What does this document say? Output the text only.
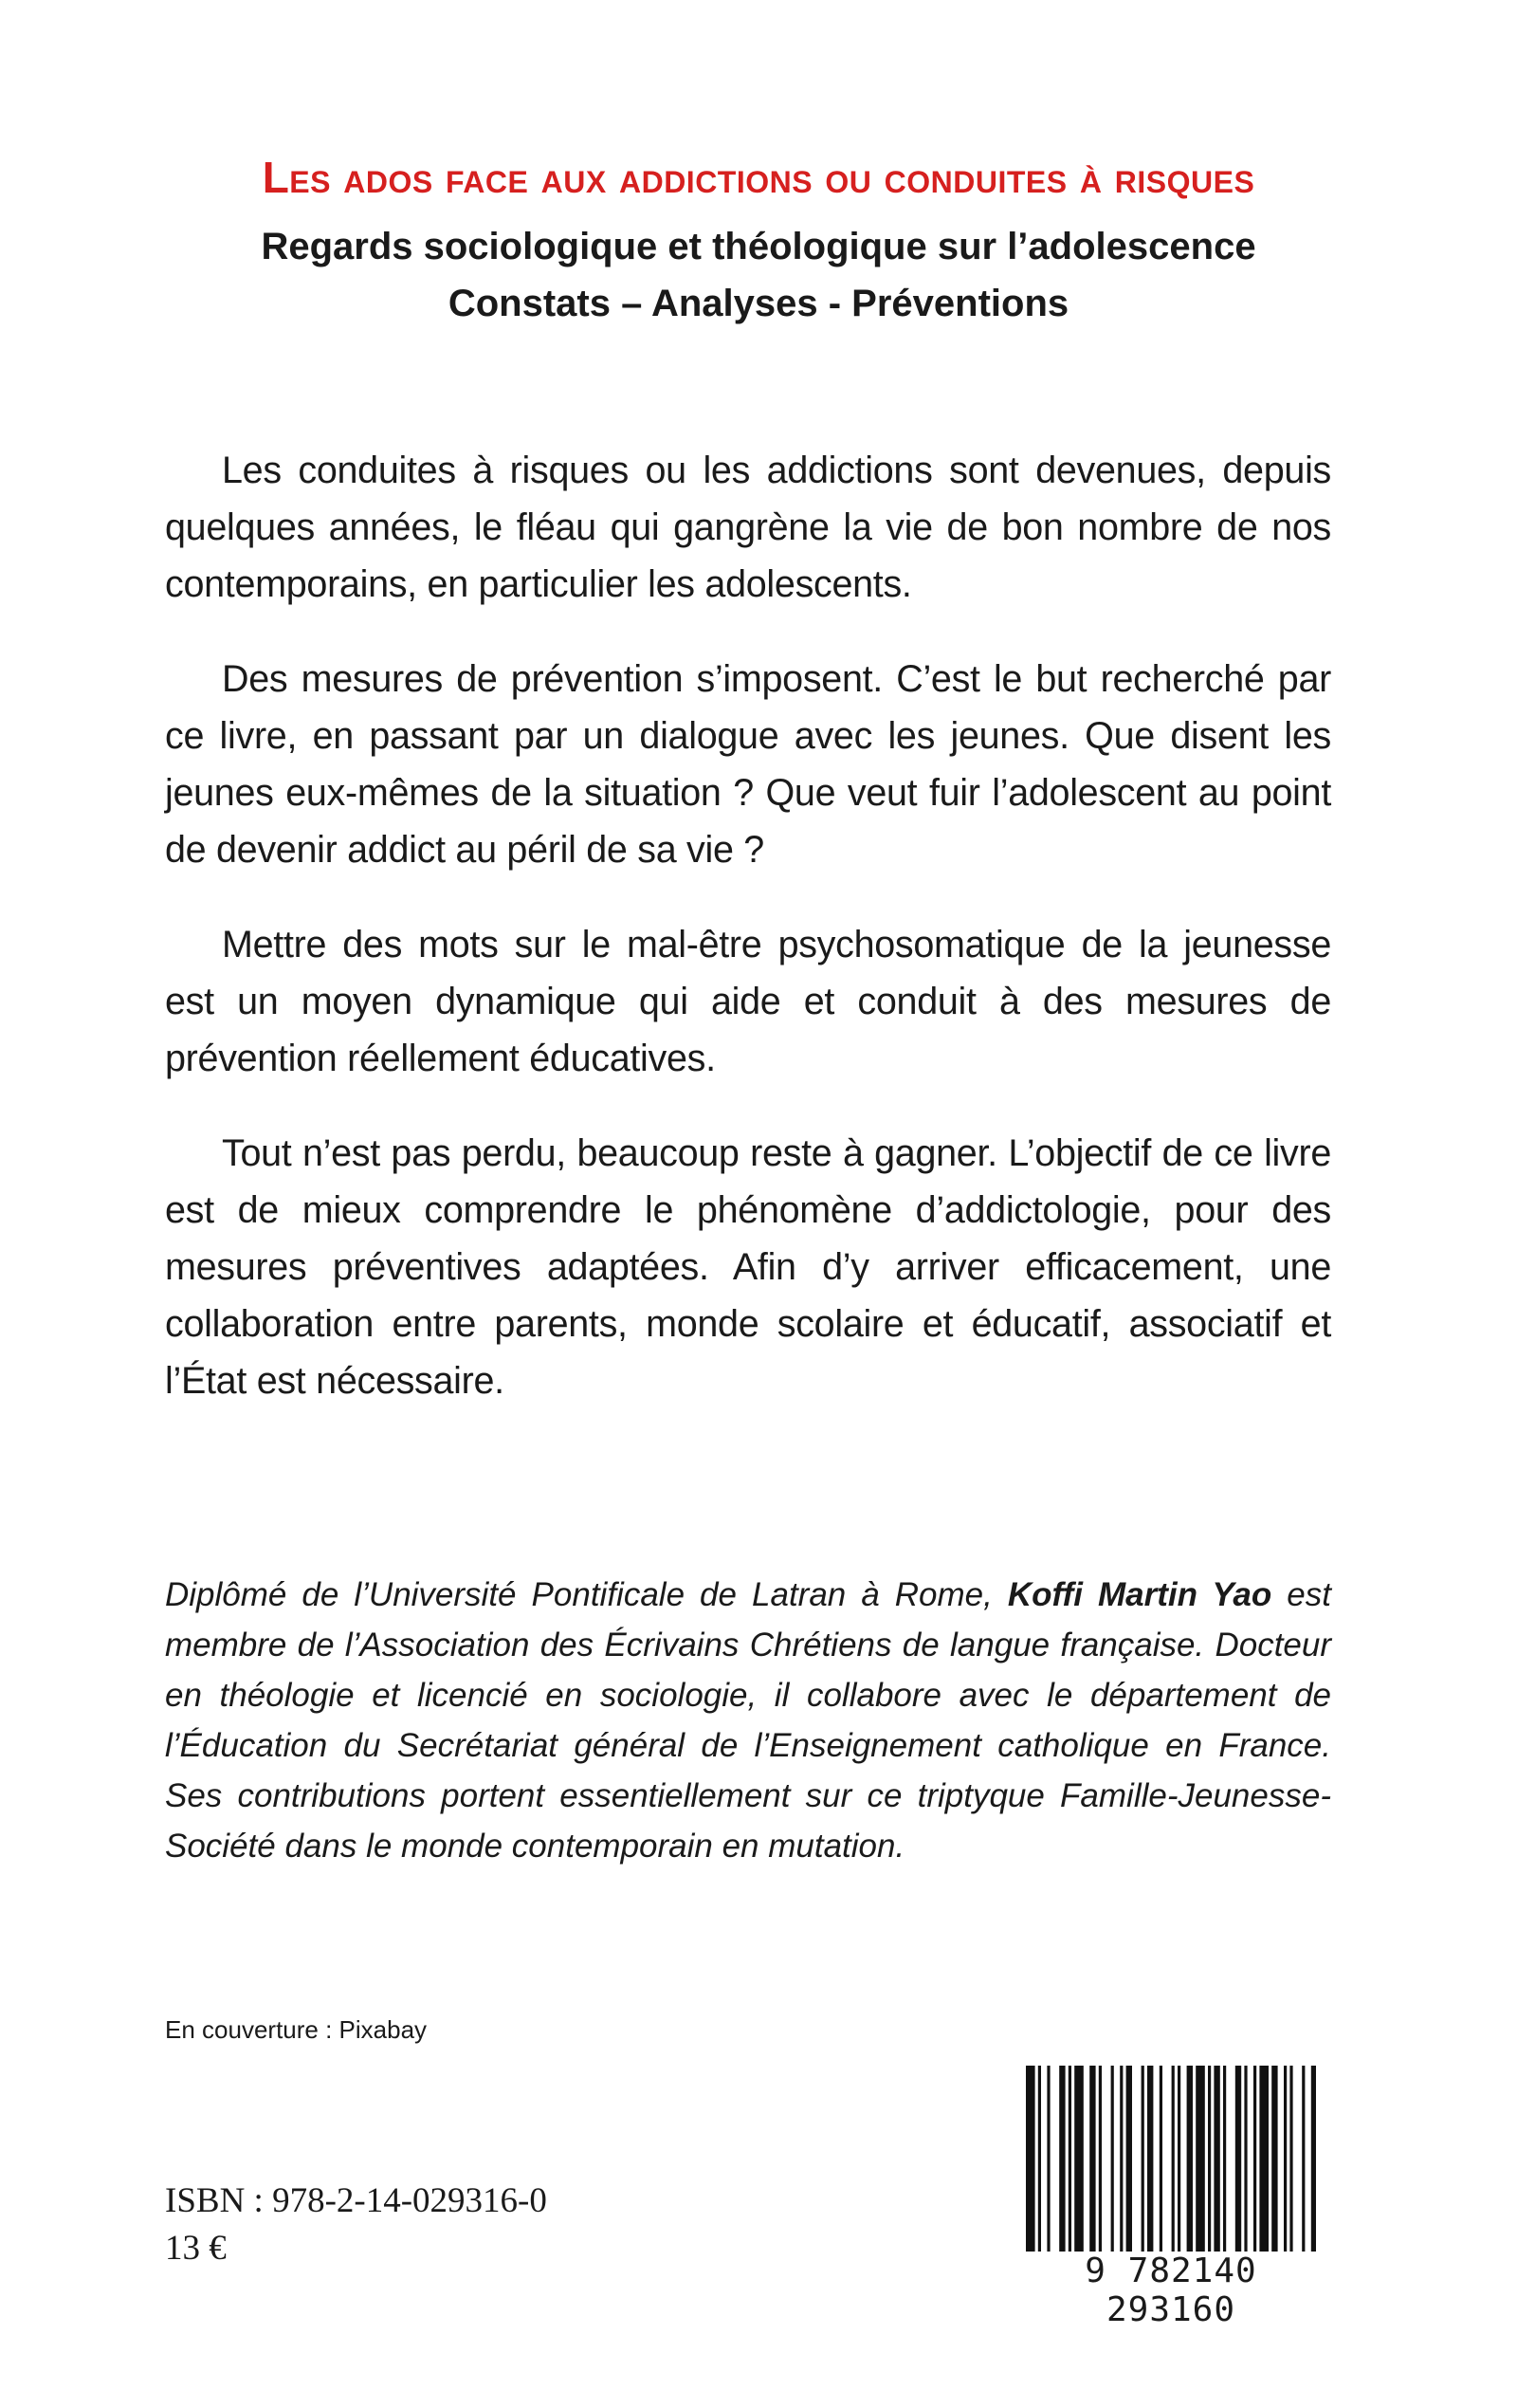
Les ados face aux addictions ou conduites à risques
Regards sociologique et théologique sur l’adolescence
Constats – Analyses - Préventions

Les conduites à risques ou les addictions sont devenues, depuis quelques années, le fléau qui gangrène la vie de bon nombre de nos contemporains, en particulier les adolescents.

Des mesures de prévention s’imposent. C’est le but recherché par ce livre, en passant par un dialogue avec les jeunes. Que disent les jeunes eux-mêmes de la situation ? Que veut fuir l’adolescent au point de devenir addict au péril de sa vie ?

Mettre des mots sur le mal-être psychosomatique de la jeunesse est un moyen dynamique qui aide et conduit à des mesures de prévention réellement éducatives.

Tout n’est pas perdu, beaucoup reste à gagner. L’objectif de ce livre est de mieux comprendre le phénomène d’addictologie, pour des mesures préventives adaptées. Afin d’y arriver efficacement, une collaboration entre parents, monde scolaire et éducatif, associatif et l’État est nécessaire.

Diplômé de l’Université Pontificale de Latran à Rome, Koffi Martin Yao est membre de l’Association des Écrivains Chrétiens de langue française. Docteur en théologie et licencié en sociologie, il collabore avec le département de l’Éducation du Secrétariat général de l’Enseignement catholique en France. Ses contributions portent essentiellement sur ce triptyque Famille-Jeunesse-Société dans le monde contemporain en mutation.

En couverture : Pixabay
ISBN : 978-2-14-029316-0
13 €
9 782140 293160
